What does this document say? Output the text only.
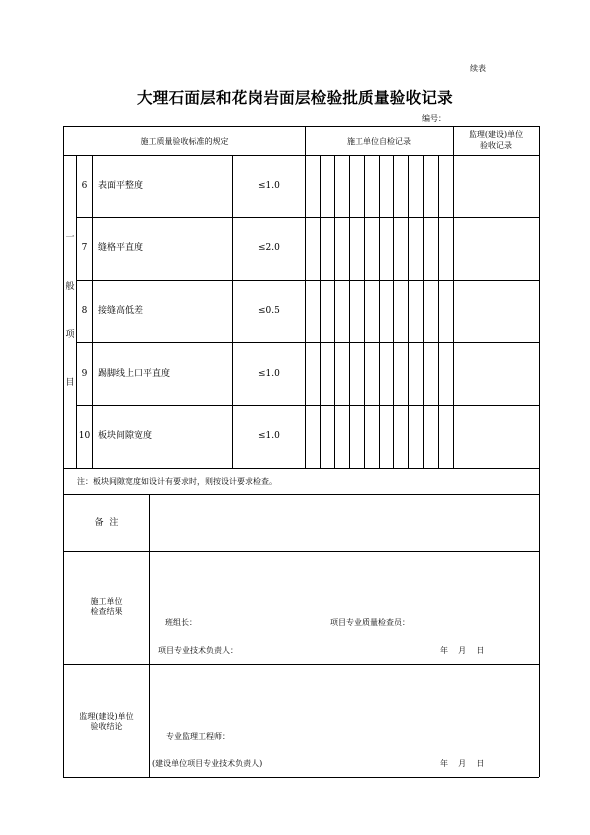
续表
大理石面层和花岗岩面层检验批质量验收记录
编号：
施工质量验收标准的规定	施工单位自检记录
监理(建设)单位
验收记录
一
般
项
目
6	表面平整度	≤1.0
7	缝格平直度	≤2.0
8	接缝高低差	≤0.5
9	踢脚线上口平直度	≤1.0
10 板块间隙宽度	≤1.0
注：板块间隙宽度如设计有要求时，则按设计要求检查。
备  注
施工单位
检查结果
班组长：	项目专业质量检查员：
项目专业技术负责人：	年    月    日
监理(建设)单位
验收结论
专业监理工程师：
(建设单位项目专业技术负责人)	年    月    日
